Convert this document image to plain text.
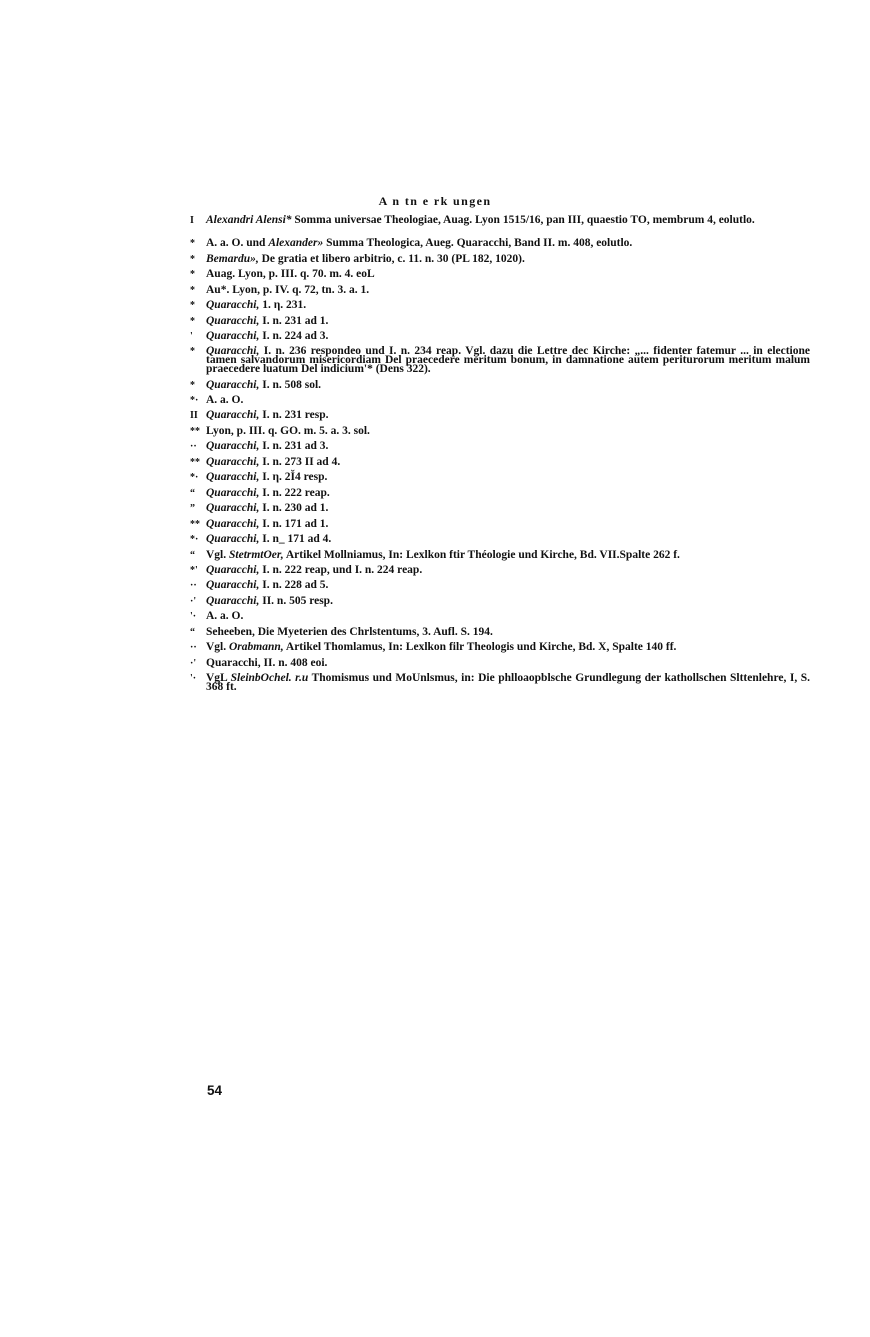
A n tn e rk ungen
I	Alexandri Alensi* Somma universae Theologiae, Auag. Lyon 1515/16, pan III, quaestio TO, membrum 4, eolutlo.
* A. a. O. und Alexander» Summa Theologica, Aueg. Quaracchi, Band II. m. 408, eolutlo.
* Bemardu», De gratia et libero arbitrio, c. 11. n. 30 (PL 182, 1020).
* Auag. Lyon, p. III. q. 70. m. 4. eoL
* Au*. Lyon, p. IV. q. 72, tn. 3. a. 1.
* Quaracchi, 1. η. 231.
* Quaracchi, I. n. 231 ad 1.
'	Quaracchi, I. n. 224 ad 3.
* Quaracchi, I. n. 236 respondeo und I. n. 234 reap. Vgl. dazu die Lettre dec Kirche: „... fidenter fatemur ... in electione tamen salvandorum misericordiam Del praecedere meritum bonum, in damnatione autem periturorum meritum malum praecedere luatum Del indicium'* (Dens 322).
* Quaracchi, I. n. 508 sol.
*· A. a. O.
II Quaracchi, I. n. 231 resp.
** Lyon, p. III. q. GO. m. 5. a. 3. sol.
·· Quaracchi, I. n. 231 ad 3.
** Quaracchi, I. n. 273 II ad 4.
*· Quaracchi, I. η. 2Ĭ4 resp.
“ Quaracchi, I. n. 222 reap.
” Quaracchi, I. n. 230 ad 1.
** Quaracchi, I. n. 171 ad 1.
*· Quaracchi, I. n_ 171 ad 4.
“ Vgl. StetrmtOer, Artikel Mollniamus, In: Lexlkon ftir Théologie und Kirche, Bd. VII.Spalte 262 f.
*' Quaracchi, I. n. 222 reap, und I. n. 224 reap.
·· Quaracchi, I. n. 228 ad 5.
·' Quaracchi, II. n. 505 resp.
'· A. a. O.
“ Seheeben, Die Myeterien des Chrlstentums, 3. Aufl. S. 194.
·· Vgl. Orabmann, Artikel Thomlamus, In: Lexlkon filr Theologis und Kirche, Bd. X, Spalte 140 ff.
·' Quaracchi, II. n. 408 eoi.
'· VgL SleinbOchel. r.u Thomismus und MoUnlsmus, in: Die phlloaopblsche Grundlegung der kathollschen Slttenlehre, I, S. 368 ft.
54
